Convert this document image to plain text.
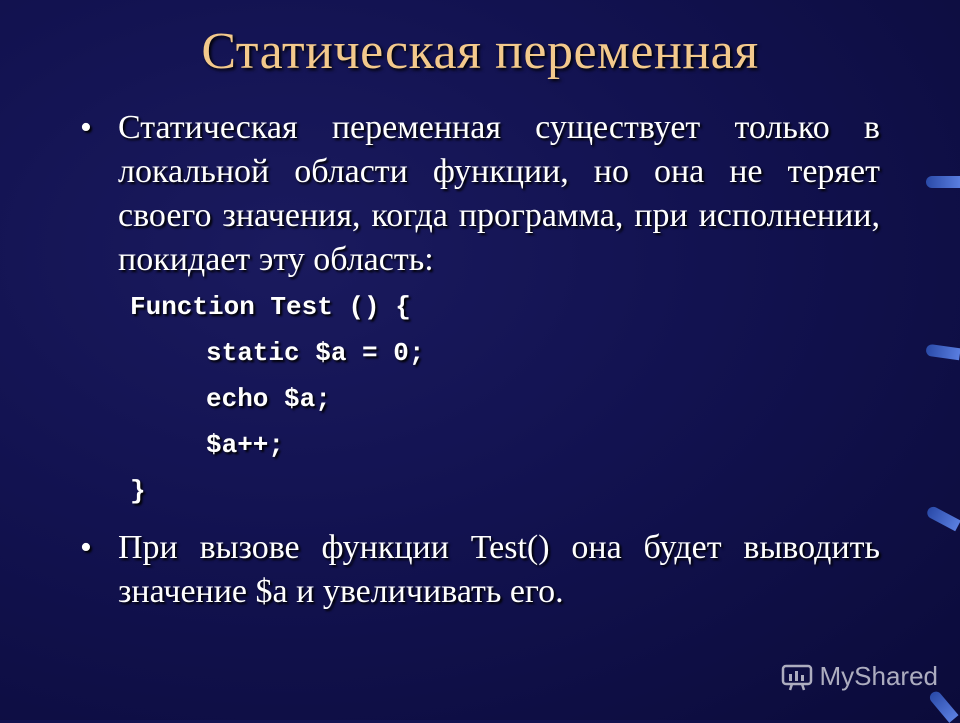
Статическая переменная
• Статическая переменная существует только в локальной области функции, но она не теряет своего значения, когда программа, при исполнении, покидает эту область:
Function Test () {
static $a = 0;
echo $a;
$a++;
}
• При вызове функции Test() она будет выводить значение $a и увеличивать его.
MyShared
